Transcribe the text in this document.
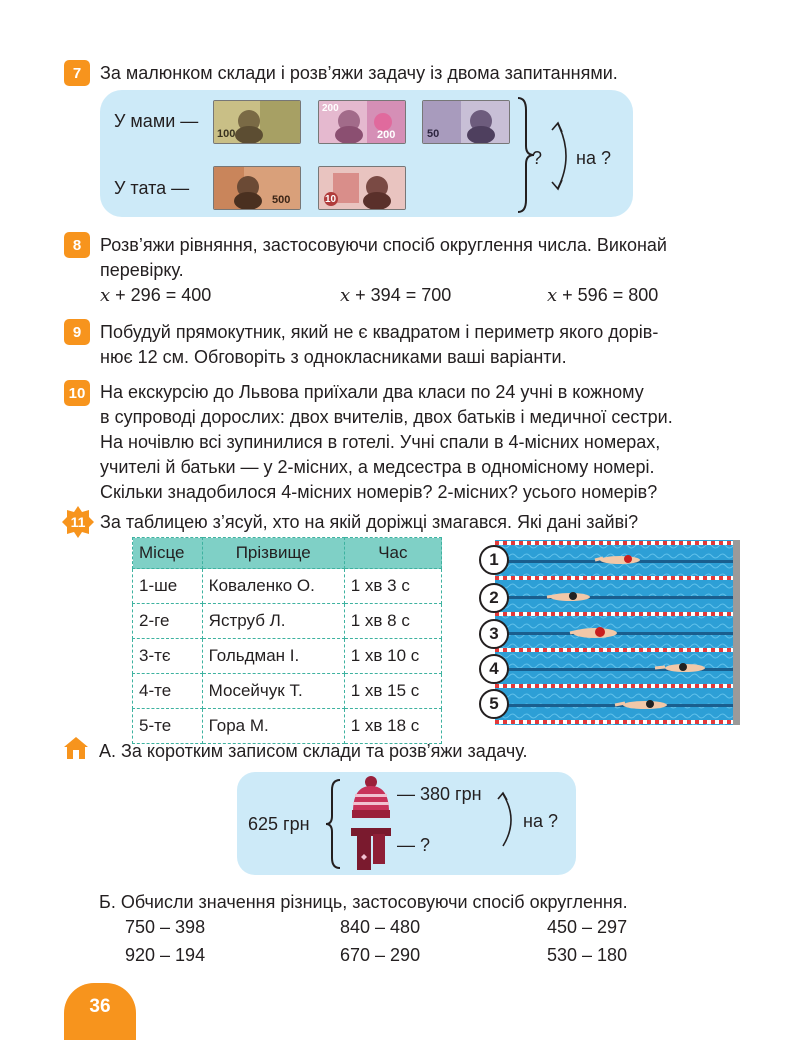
7	За малюнком склади і розв’яжи задачу із двома запитаннями.
У мами —
У тата —
100
200
200	50
500	10
? на ?
8	Розв’яжи рівняння, застосовуючи спосіб округлення числа. Виконай
перевірку.
x + 296 = 400	x + 394 = 700	x + 596 = 800
9	Побудуй прямокутник, який не є квадратом і периметр якого дорів-
нює 12 см. Обговоріть з однокласниками ваші варіанти.
10 На екскурсію до Львова приїхали два класи по 24 учні в кожному
в супроводі дорослих: двох вчителів, двох батьків і медичної сестри.
На ночівлю всі зупинилися в готелі. Учні спали в 4-місних номерах,
учителі й батьки — у 2-місних, а медсестра в одномісному номері.
Скільки знадобилося 4-місних номерів? 2-місних? усього номерів?
11 За таблицею з’ясуй, хто на якій доріжці змагався. Які дані зайві?
Місце	Прізвище	Час
1-ше	Коваленко О.	1 хв 3 с
2-ге	Яструб Л.	1 хв 8 с
3-тє	Гольдман І.	1 хв 10 с
4-те	Мосейчук Т.	1 хв 15 с
5-те	Гора М.	1 хв 18 с
1
2
3
4
5
А. За коротким записом склади та розв’яжи задачу.
625 грн
— 380 грн
— ?
на ?
Б. Обчисли значення різниць, застосовуючи спосіб округлення.
750 – 398	840 – 480	450 – 297
920 – 194	670 – 290	530 – 180
36
